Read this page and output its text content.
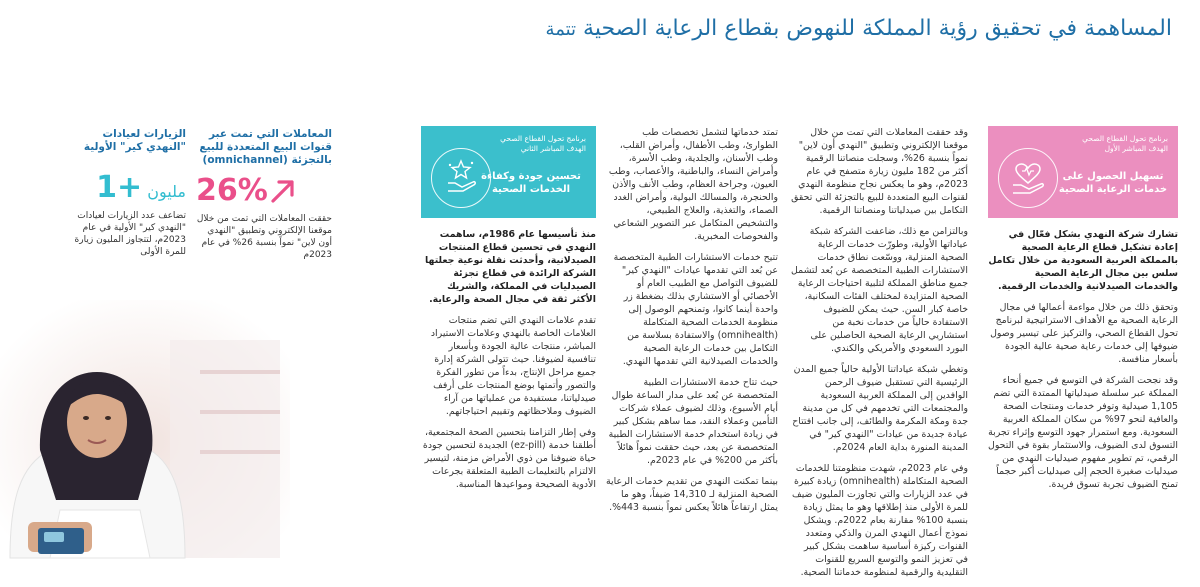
المساهمة في تحقيق رؤية المملكة للنهوض بقطاع الرعاية الصحية تتمة
برنامج تحول القطاع الصحي
الهدف المباشر الأول
تسهيل الحصول على خدمات الرعاية الصحية
برنامج تحول القطاع الصحي
الهدف المباشر الثاني
تحسين جودة وكفاءة الخدمات الصحية

تشارك شركة النهدي بشكل فعّال في إعادة تشكيل قطاع الرعاية الصحية بالمملكة العربية السعودية من خلال تكامل سلس بين مجال الرعاية الصحية والخدمات الصيدلانية والخدمات الرقمية.

وتحقق ذلك من خلال مواءمة أعمالها في مجال الرعاية الصحية مع الأهداف الاستراتيجية لبرنامج تحول القطاع الصحي، والتركيز على تيسير وصول ضيوفها إلى خدمات رعاية صحية عالية الجودة بأسعار منافسة.

وقد نجحت الشركة في التوسع في جميع أنحاء المملكة عبر سلسلة صيدلياتها الممتدة التي تضم 1,105 صيدلية وتوفر خدمات ومنتجات الصحة والعافية لنحو 97% من سكان المملكة العربية السعودية. ومع استمرار جهود التوسع وإثراء تجربة التسوق لدى الضيوف، والاستثمار بقوة في التحول الرقمي، تم تطوير مفهوم صيدليات النهدي من صيدليات صغيرة الحجم إلى صيدليات أكبر حجماً تمنح الضيوف تجربة تسوق فريدة.

وقد حققت المعاملات التي تمت من خلال موقعنا الإلكتروني وتطبيق "النهدي أون لاين" نمواً بنسبة 26%، وسجلت منصاتنا الرقمية أكثر من 182 مليون زيارة متصفح في عام 2023م، وهو ما يعكس نجاح منظومة النهدي لقنوات البيع المتعددة للبيع بالتجزئة التي تحقق التكامل بين صيدلياتنا ومنصاتنا الرقمية.

وبالتزامن مع ذلك، ضاعفت الشركة شبكة عياداتها الأولية، وطورّت خدمات الرعاية الصحية المنزلية، ووسّعت نطاق خدمات الاستشارات الطبية المتخصصة عن بُعد لتشمل جميع مناطق المملكة لتلبية احتياجات الرعاية الصحية المتزايدة لمختلف الفئات السكانية، خاصة كبار السن. حيث يمكن للضيوف الاستفادة حالياً من خدمات نخبة من استشاريي الرعاية الصحية الحاصلين على البورد السعودي والأمريكي والكندي.

وتغطي شبكة عياداتنا الأولية حالياً جميع المدن الرئيسية التي تستقبل ضيوف الرحمن الوافدين إلى المملكة العربية السعودية والمجتمعات التي تخدمهم في كل من مدينة جدة ومكة المكرمة والطائف، إلى جانب افتتاح عيادة جديدة من عيادات "النهدي كير" في المدينة المنورة بداية العام 2024م.

وفي عام 2023م، شهدت منظومتنا للخدمات الصحية المتكاملة (omnihealth) زيادة كبيرة في عدد الزيارات والتي تجاوزت المليون ضيف للمرة الأولى منذ إطلاقها وهو ما يمثل زيادة بنسبة 100% مقارنة بعام 2022م. ويشكل نموذج أعمال النهدي المرن والذكي ومتعدد القنوات ركيزة أساسية ساهمت بشكل كبير في تعزيز النمو والتوسع السريع للقنوات التقليدية والرقمية لمنظومة خدماتنا الصحية.

تمتد خدماتها لتشمل تخصصات طب الطوارئ، وطب الأطفال، وأمراض القلب، وطب الأسنان، والجلدية، وطب الأسرة، وأمراض النساء، والباطنية، والأعصاب، وطب العيون، وجراحة العظام، وطب الأنف والأذن والحنجرة، والمسالك البولية، وأمراض الغدد الصماء، والتغذية، والعلاج الطبيعي، والتشخيص المتكامل عبر التصوير الشعاعي والفحوصات المخبرية.

تتيح خدمات الاستشارات الطبية المتخصصة عن بُعد التي تقدمها عيادات "النهدي كير" للضيوف التواصل مع الطبيب العام أو الأخصائي أو الاستشاري بذلك بضغطة زر واحدة أينما كانوا، وتمنحهم الوصول إلى منظومة الخدمات الصحية المتكاملة (omnihealth) والاستفادة بسلاسة من التكامل بين خدمات الرعاية الصحية والخدمات الصيدلانية التي تقدمها النهدي.

حيث تتاح خدمة الاستشارات الطبية المتخصصة عن بُعد على مدار الساعة طوال أيام الأسبوع، وذلك لضيوف عملاء شركات التأمين وعملاء النقد، مما ساهم بشكل كبير في زيادة استخدام خدمة الاستشارات الطبية المتخصصة عن بعد، حيث حققت نمواً هائلاً بأكثر من 200% في عام 2023م.

بينما تمكنت النهدي من تقديم خدمات الرعاية الصحية المنزلية لـ 14,310 ضيفاً، وهو ما يمثل ارتفاعاً هائلاً يعكس نمواً بنسبة 443%.

منذ تأسيسها عام 1986م، ساهمت النهدي في تحسين قطاع المنتجات الصيدلانية، وأحدثت نقلة نوعية جعلتها الشركة الرائدة في قطاع تجزئة الصيدليات في المملكة، والشريك الأكثر ثقة في مجال الصحة والرعاية.

تقدم علامات النهدي التي تضم منتجات العلامات الخاصة بالنهدي وعلامات الاستيراد المباشر، منتجات عالية الجودة وبأسعار تنافسية لضيوفنا. حيث تتولى الشركة إدارة جميع مراحل الإنتاج، بدءاً من تطور الفكرة والتصور وأتمتها بوضع المنتجات على أرفف صيدلياتنا، مستفيدة من عملياتها من آراء الضيوف وملاحظاتهم وتقييم احتياجاتهم.

وفي إطار التزامنا بتحسين الصحة المجتمعية، أطلقنا خدمة (ez-pill) الجديدة لتحسين جودة حياة ضيوفنا من ذوي الأمراض مزمنة، لتيسير الالتزام بالتعليمات الطبية المتعلقة بجرعات الأدوية الصحيحة ومواعيدها المناسبة.

المعاملات التي تمت عبر
قنوات البيع المتعددة للبيع
بالتجزئة (omnichannel)
26%
حققت المعاملات التي تمت من خلال موقعنا الإلكتروني وتطبيق "النهدي أون لاين" نمواً بنسبة 26% في عام 2023م
الزيارات لعيادات
"النهدي كير" الأولية
مليون +1
تضاعف عدد الزيارات لعيادات "النهدي كير" الأولية في عام 2023م، لتتجاوز المليون زيارة للمرة الأولى
